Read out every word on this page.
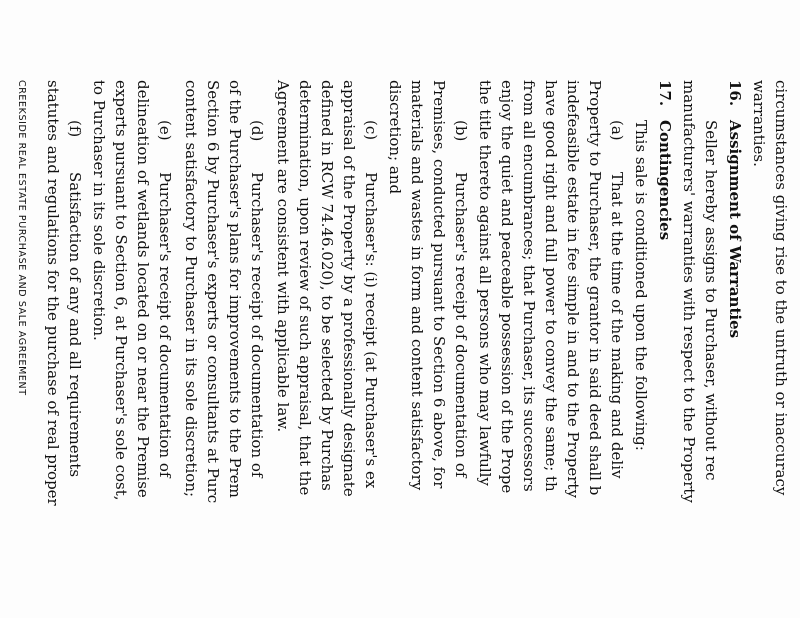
circumstances giving rise to the untruth or inaccuracy
warranties.
16.
Assignment of Warranties
Seller hereby assigns to Purchaser, without rec
manufacturers' warranties with respect to the Property
17.
Contingencies
This sale is conditioned upon the following:
(a)
That at the time of the making and deliv
Property to Purchaser, the grantor in said deed shall b
indefeasible estate in fee simple in and to the Property
have good right and full power to convey the same; th
from all encumbrances; that Purchaser, its successors
enjoy the quiet and peaceable possession of the Prope
the title thereto against all persons who may lawfully
(b)
Purchaser's receipt of documentation of
Premises, conducted pursuant to Section 6 above, for
materials and wastes in form and content satisfactory
discretion; and
(c)
Purchaser's: (i) receipt (at Purchaser's ex
appraisal of the Property by a professionally designate
defined in RCW 74.46.020), to be selected by Purchas
determination, upon review of such appraisal, that the
Agreement are consistent with applicable law.
(d)
Purchaser's receipt of documentation of
of the Purchaser's plans for improvements to the Prem
Section 6 by Purchaser's experts or consultants at Purc
content satisfactory to Purchaser in its sole discretion;
(e)
Purchaser's receipt of documentation of
delineation of wetlands located on or near the Premise
experts pursuant to Section 6, at Purchaser's sole cost,
to Purchaser in its sole discretion.
(f)
Satisfaction of any and all requirements
statutes and regulations for the purchase of real proper
CREEKSIDE REAL ESTATE PURCHASE AND SALE AGREEMENT
